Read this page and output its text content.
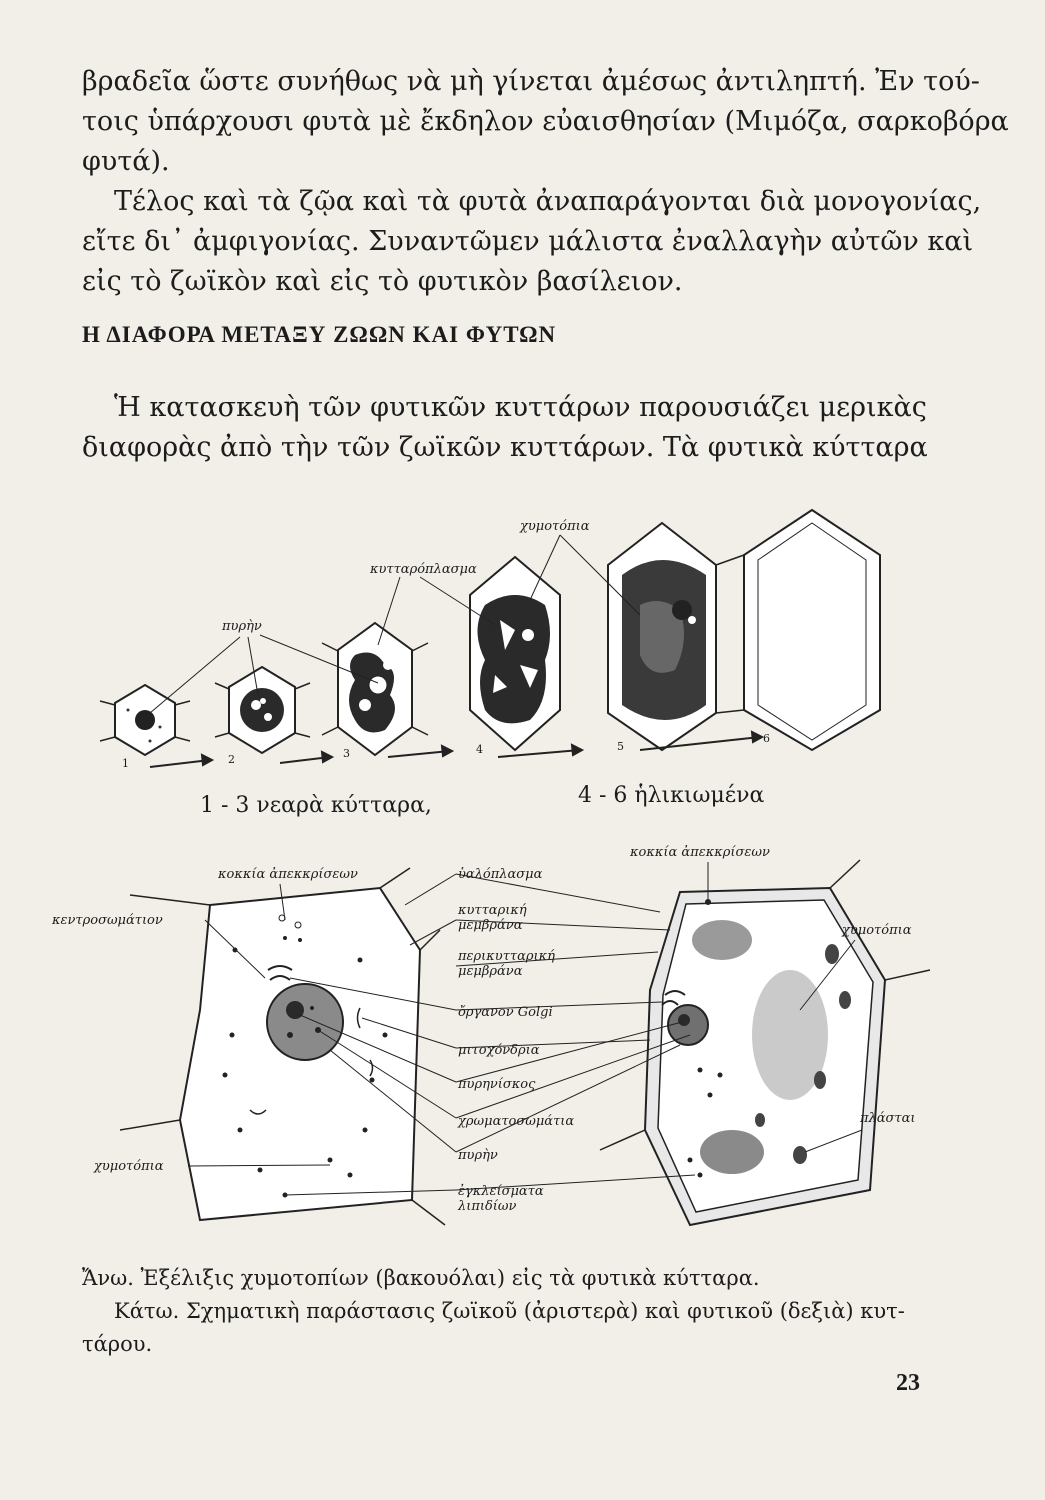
βραδεῖα ὥστε συνήθως νὰ μὴ γίνεται ἀμέσως ἀντιληπτή. Ἐν τού-
τοις ὑπάρχουσι φυτὰ μὲ ἔκδηλον εὐαισθησίαν (Μιμόζα, σαρκοβόρα
φυτά).

Τέλος καὶ τὰ ζῷα καὶ τὰ φυτὰ ἀναπαράγονται διὰ μονογονίας,
εἴτε δι᾽ ἀμφιγονίας. Συναντῶμεν μάλιστα ἐναλλαγὴν αὐτῶν καὶ
εἰς τὸ ζωϊκὸν καὶ εἰς τὸ φυτικὸν βασίλειον.

Η ΔΙΑΦΟΡΑ ΜΕΤΑΞΥ ΖΩΩΝ ΚΑΙ ΦΥΤΩΝ

Ἡ κατασκευὴ τῶν φυτικῶν κυττάρων παρουσιάζει μερικὰς
διαφορὰς ἀπὸ τὴν τῶν ζωϊκῶν κυττάρων. Τὰ φυτικὰ κύτταρα

1	2	3	4	5
6
χυμοτόπια
κυτταρόπλασμα
πυρὴν
1 - 3 νεαρὰ κύτταρα,	4 - 6 ἡλικιωμένα
κοκκία ἀπεκκρίσεων
κεντροσωμάτιον
χυμοτόπια
ὑαλόπλασμα
κυτταρική
μεμβράνα
περικυτταρική
μεμβράνα
ὄργανον Golgi
μιτοχόνδρια
πυρηνίσκος
χρωματοσωμάτια
πυρὴν
ἐγκλείσματα
λιπιδίων
κοκκία ἀπεκκρίσεων
χυμοτόπια
πλάσται
Ἄνω. Ἐξέλιξις χυμοτοπίων (βακουόλαι) εἰς τὰ φυτικὰ κύτταρα.
Κάτω. Σχηματικὴ παράστασις ζωϊκοῦ (ἀριστερὰ) καὶ φυτικοῦ (δεξιὰ) κυτ-
τάρου.
23
